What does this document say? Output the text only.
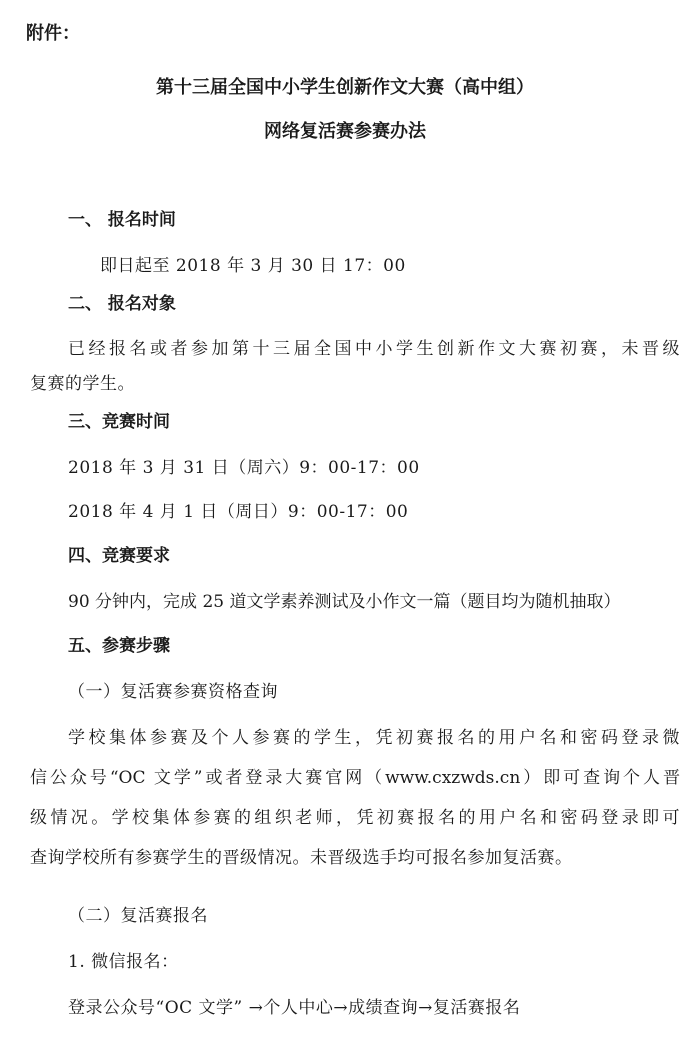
附件：
第十三届全国中小学生创新作文大赛（高中组）
网络复活赛参赛办法
一、 报名时间
即日起至 2018 年 3 月 30 日 17：00
二、 报名对象
已经报名或者参加第十三届全国中小学生创新作文大赛初赛，未晋级
复赛的学生。
三、竞赛时间
2018 年 3 月 31 日（周六）9：00-17：00
2018 年 4 月 1 日（周日）9：00-17：00
四、竞赛要求
90 分钟内，完成 25 道文学素养测试及小作文一篇（题目均为随机抽取）
五、参赛步骤
（一）复活赛参赛资格查询
学校集体参赛及个人参赛的学生，凭初赛报名的用户名和密码登录微
信公众号“OC 文学”或者登录大赛官网（www.cxzwds.cn）即可查询个人晋
级情况。学校集体参赛的组织老师，凭初赛报名的用户名和密码登录即可
查询学校所有参赛学生的晋级情况。未晋级选手均可报名参加复活赛。
（二）复活赛报名
1. 微信报名：
登录公众号“OC 文学” →个人中心→成绩查询→复活赛报名
